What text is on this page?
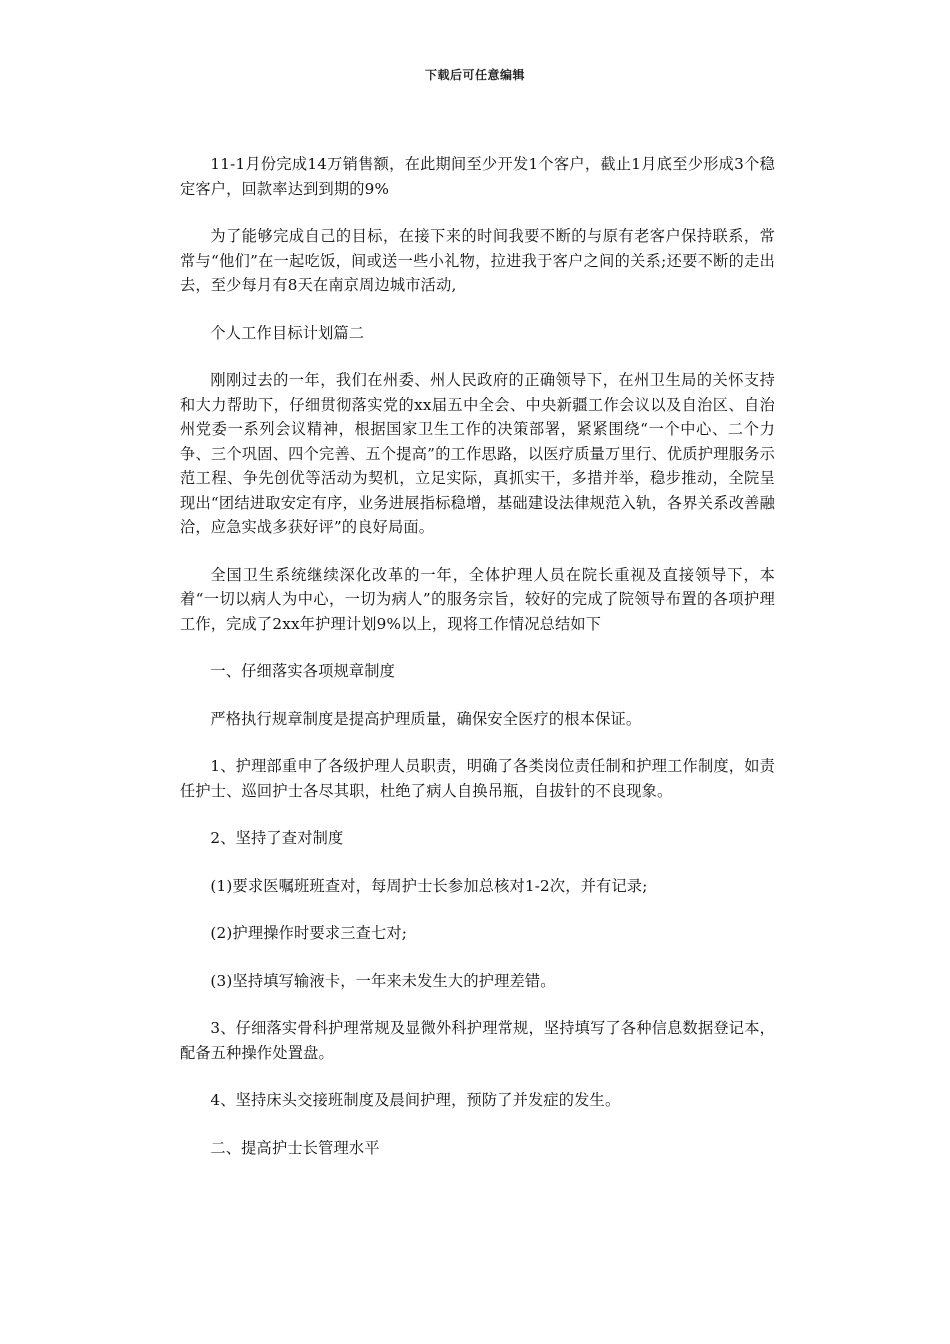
下载后可任意编辑

11-1月份完成14万销售额，在此期间至少开发1个客户，截止1月底至少形成3个稳定客户，回款率达到到期的9%

为了能够完成自己的目标，在接下来的时间我要不断的与原有老客户保持联系，常常与“他们”在一起吃饭，间或送一些小礼物，拉进我于客户之间的关系;还要不断的走出去，至少每月有8天在南京周边城市活动,

个人工作目标计划篇二

刚刚过去的一年，我们在州委、州人民政府的正确领导下，在州卫生局的关怀支持和大力帮助下，仔细贯彻落实党的xx届五中全会、中央新疆工作会议以及自治区、自治州党委一系列会议精神，根据国家卫生工作的决策部署，紧紧围绕“一个中心、二个力争、三个巩固、四个完善、五个提高”的工作思路，以医疗质量万里行、优质护理服务示范工程、争先创优等活动为契机，立足实际，真抓实干，多措并举，稳步推动，全院呈现出“团结进取安定有序，业务进展指标稳增，基础建设法律规范入轨，各界关系改善融洽，应急实战多获好评”的良好局面。

全国卫生系统继续深化改革的一年，全体护理人员在院长重视及直接领导下，本着“一切以病人为中心，一切为病人”的服务宗旨，较好的完成了院领导布置的各项护理工作，完成了2xx年护理计划9%以上，现将工作情况总结如下

一、仔细落实各项规章制度

严格执行规章制度是提高护理质量，确保安全医疗的根本保证。

1、护理部重申了各级护理人员职责，明确了各类岗位责任制和护理工作制度，如责任护士、巡回护士各尽其职，杜绝了病人自换吊瓶，自拔针的不良现象。

2、坚持了查对制度

(1)要求医嘱班班查对，每周护士长参加总核对1-2次，并有记录;

(2)护理操作时要求三查七对;

(3)坚持填写输液卡，一年来未发生大的护理差错。

3、仔细落实骨科护理常规及显微外科护理常规，坚持填写了各种信息数据登记本，配备五种操作处置盘。

4、坚持床头交接班制度及晨间护理，预防了并发症的发生。

二、提高护士长管理水平
